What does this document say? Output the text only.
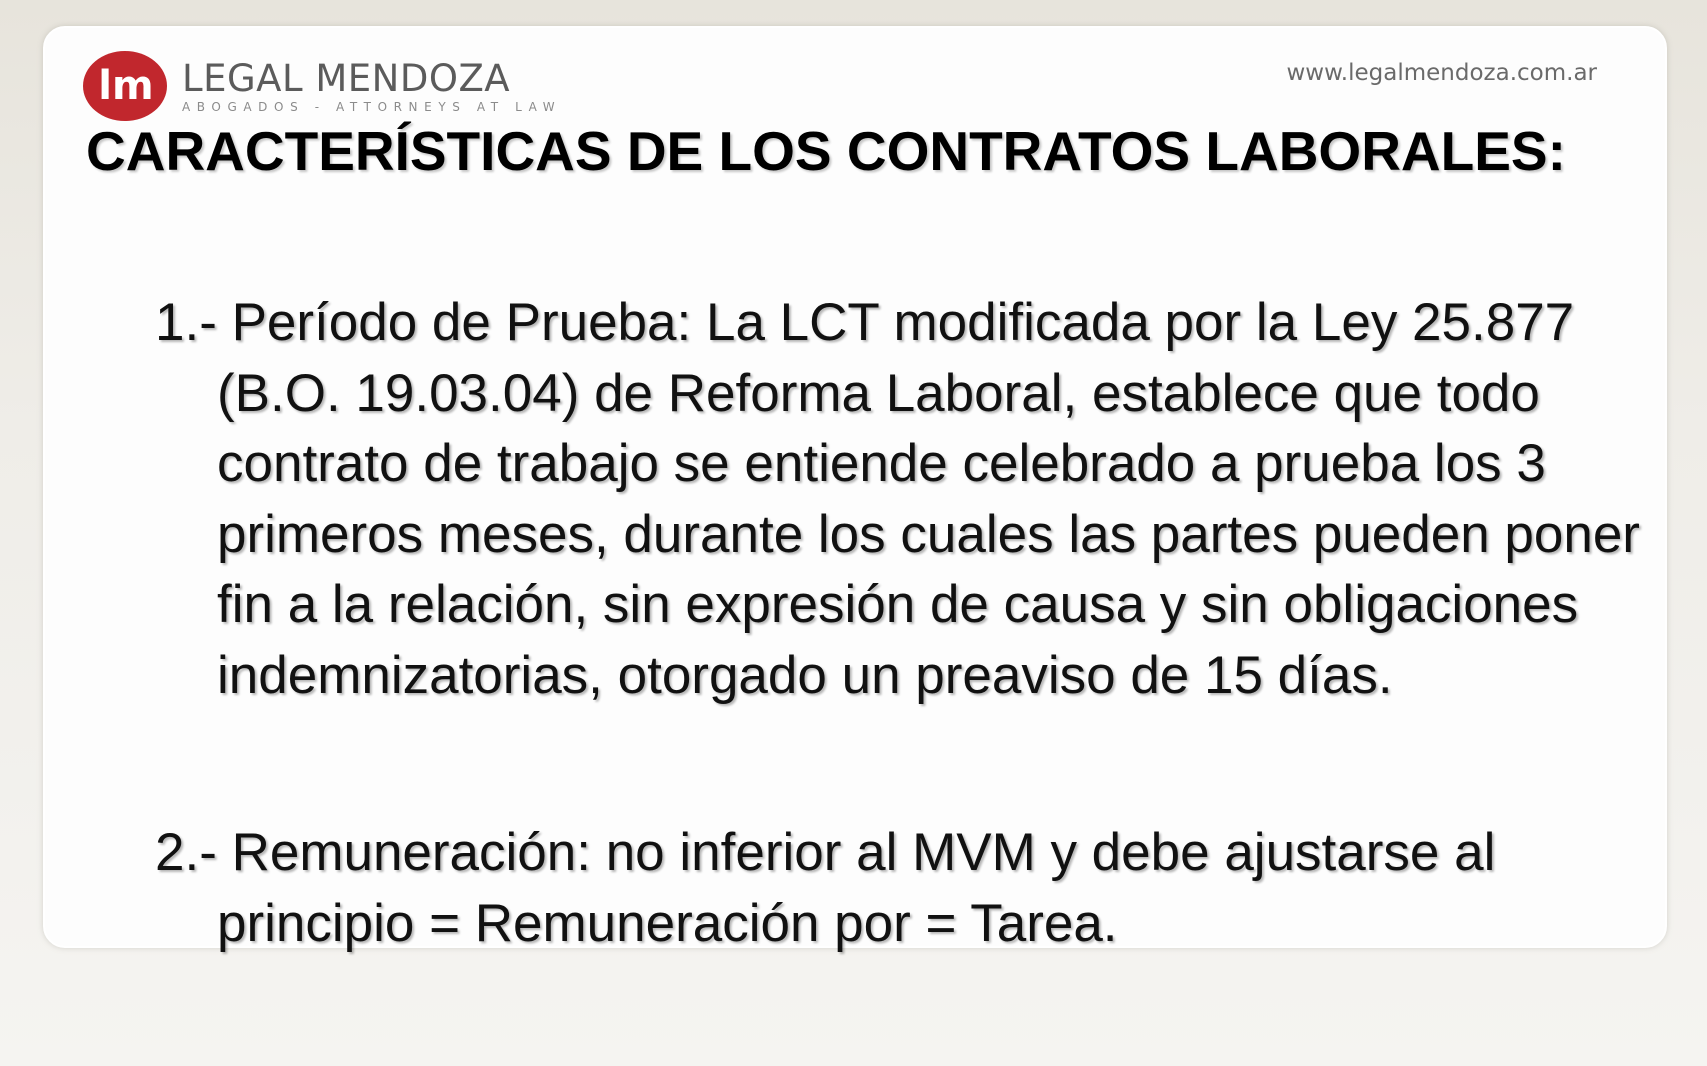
lm LEGAL MENDOZA
ABOGADOS - ATTORNEYS AT LAW
www.legalmendoza.com.ar
CARACTERÍSTICAS DE LOS CONTRATOS LABORALES:

1.- Período de Prueba: La LCT modificada por la Ley 25.877 (B.O. 19.03.04) de Reforma Laboral, establece que todo contrato de trabajo se entiende celebrado a prueba los 3 primeros meses, durante los cuales las partes pueden poner fin a la relación, sin expresión de causa y sin obligaciones indemnizatorias, otorgado un preaviso de 15 días.

2.- Remuneración: no inferior al MVM y debe ajustarse al principio = Remuneración por = Tarea.
